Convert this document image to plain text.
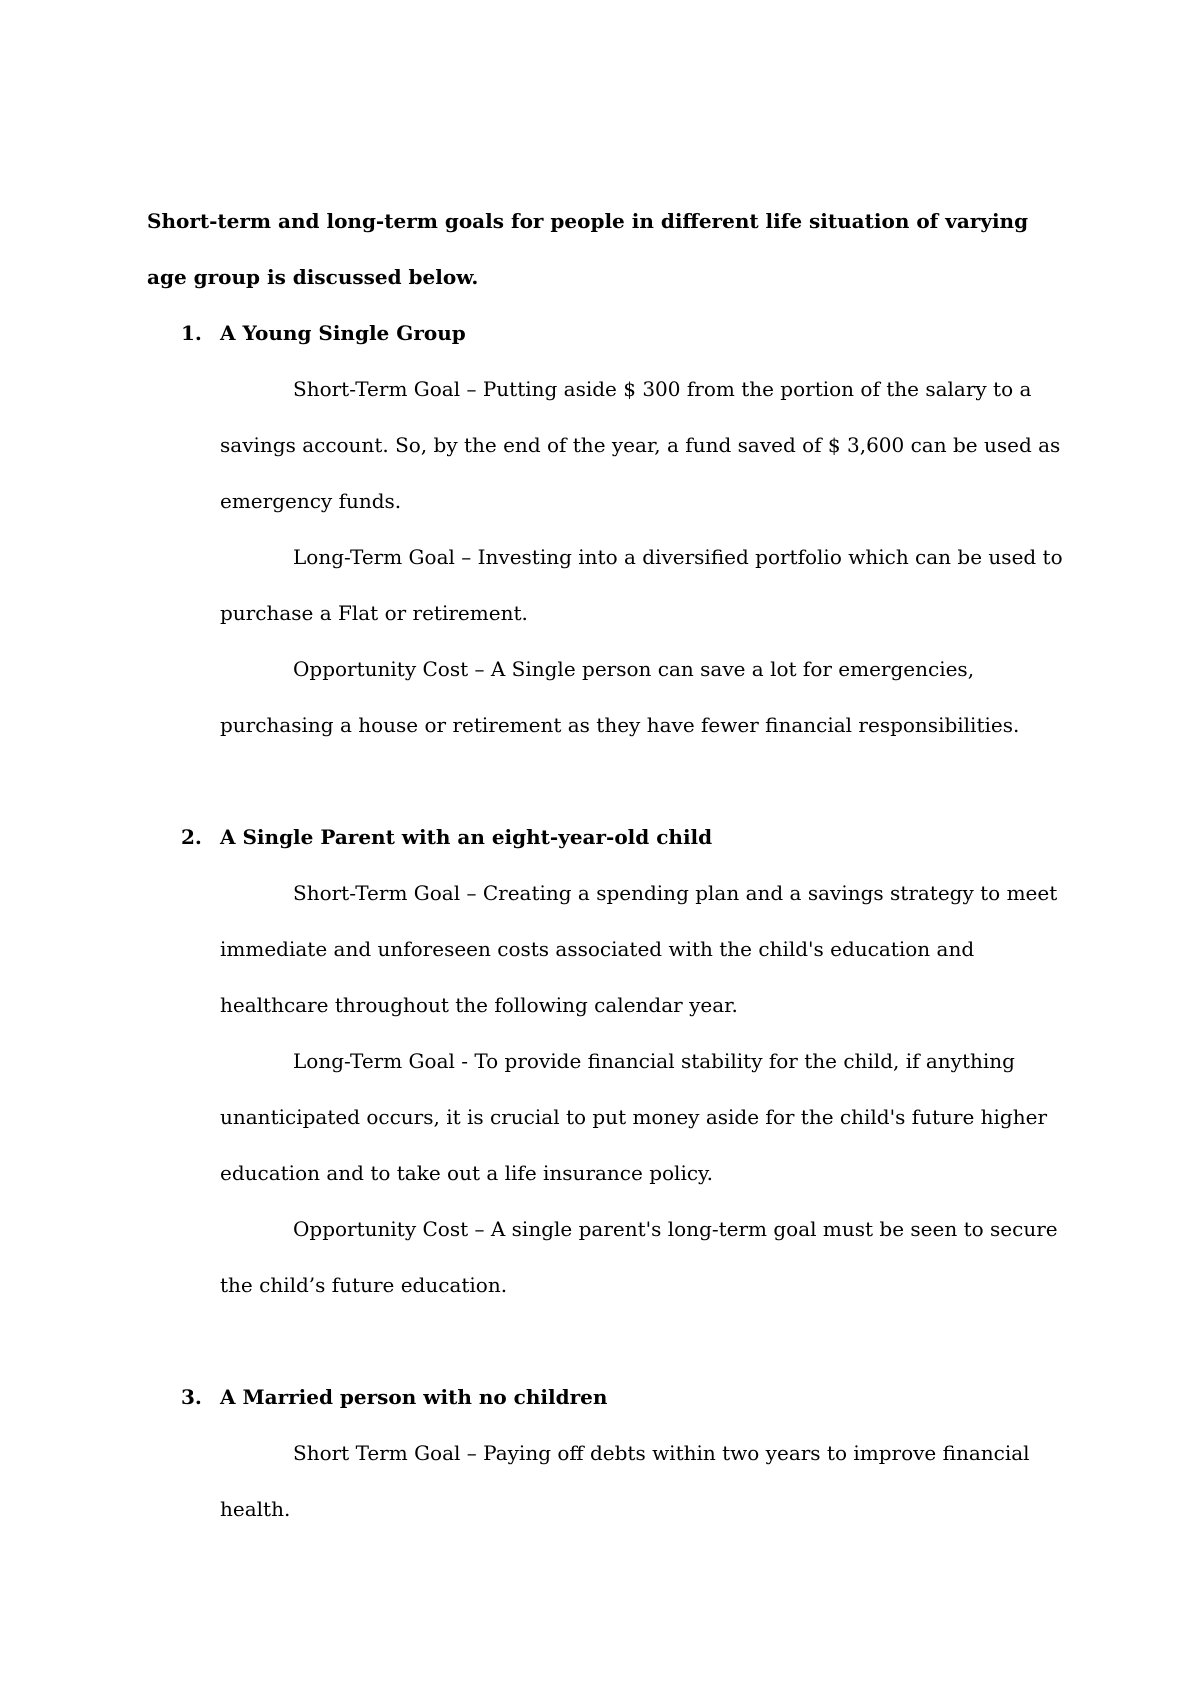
Short-term and long-term goals for people in different life situation of varying age group is discussed below.

1. A Young Single Group

Short-Term Goal – Putting aside $ 300 from the portion of the salary to a savings account. So, by the end of the year, a fund saved of $ 3,600 can be used as emergency funds.

Long-Term Goal – Investing into a diversified portfolio which can be used to purchase a Flat or retirement.

Opportunity Cost – A Single person can save a lot for emergencies, purchasing a house or retirement as they have fewer financial responsibilities.

2. A Single Parent with an eight-year-old child

Short-Term Goal – Creating a spending plan and a savings strategy to meet immediate and unforeseen costs associated with the child's education and healthcare throughout the following calendar year.

Long-Term Goal - To provide financial stability for the child, if anything unanticipated occurs, it is crucial to put money aside for the child's future higher education and to take out a life insurance policy.

Opportunity Cost – A single parent's long-term goal must be seen to secure the child’s future education.

3. A Married person with no children

Short Term Goal – Paying off debts within two years to improve financial health.
